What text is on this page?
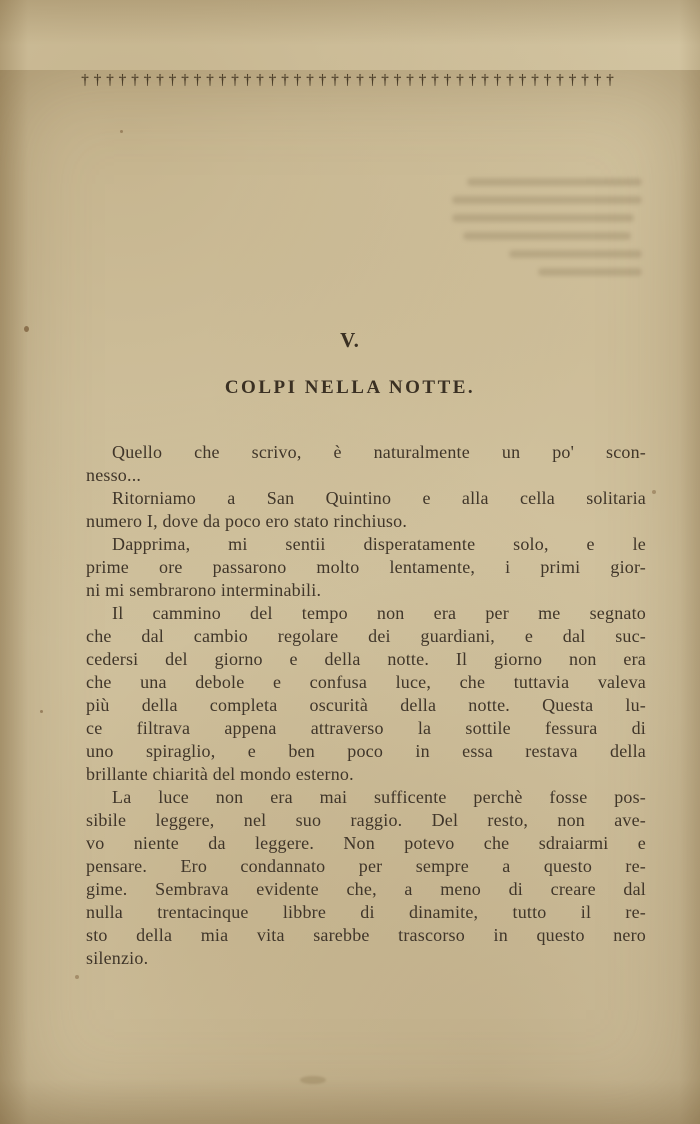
†††††††††††††††††††††††††††††††††††††††††††
V.
COLPI NELLA NOTTE.
Quello che scrivo, è naturalmente un po' scon-
nesso...
Ritorniamo a San Quintino e alla cella solitaria
numero I, dove da poco ero stato rinchiuso.
Dapprima, mi sentii disperatamente solo, e le
prime ore passarono molto lentamente, i primi gior-
ni mi sembrarono interminabili.
Il cammino del tempo non era per me segnato
che dal cambio regolare dei guardiani, e dal suc-
cedersi del giorno e della notte. Il giorno non era
che una debole e confusa luce, che tuttavia valeva
più della completa oscurità della notte. Questa lu-
ce filtrava appena attraverso la sottile fessura di
uno spiraglio, e ben poco in essa restava della
brillante chiarità del mondo esterno.
La luce non era mai sufficente perchè fosse pos-
sibile leggere, nel suo raggio. Del resto, non ave-
vo niente da leggere. Non potevo che sdraiarmi e
pensare. Ero condannato per sempre a questo re-
gime. Sembrava evidente che, a meno di creare dal
nulla trentacinque libbre di dinamite, tutto il re-
sto della mia vita sarebbe trascorso in questo nero
silenzio.
